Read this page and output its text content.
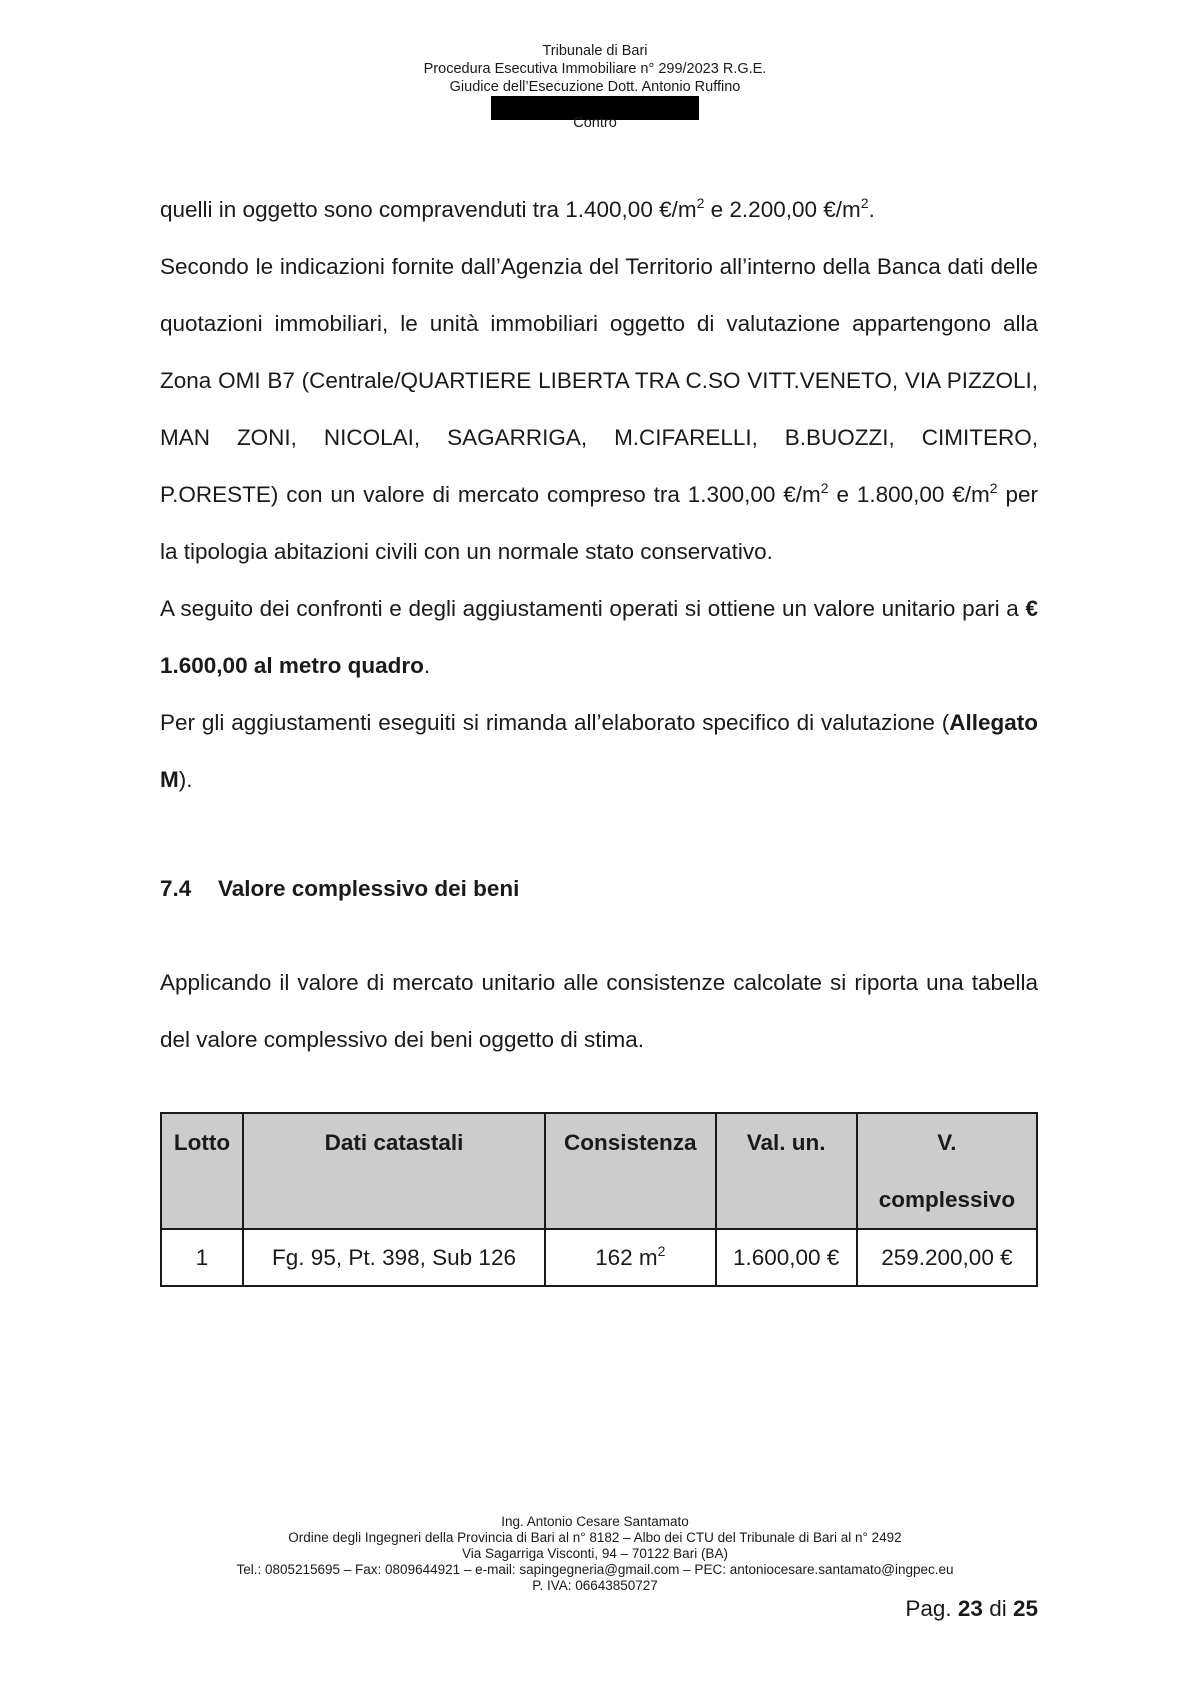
Tribunale di Bari
Procedura Esecutiva Immobiliare n° 299/2023 R.G.E.
Giudice dell’Esecuzione Dott. Antonio Ruffino
Contro

quelli in oggetto sono compravenduti tra 1.400,00 $€/m^2$ e 2.200,00 $€/m^2$.

Secondo le indicazioni fornite dall’Agenzia del Territorio all’interno della Banca dati delle quotazioni immobiliari, le unità immobiliari oggetto di valutazione appartengono alla Zona OMI B7 (Centrale/QUARTIERE LIBERTA TRA C.SO VITT.VENETO, VIA PIZZOLI, MAN ZONI, NICOLAI, SAGARRIGA, M.CIFARELLI, B.BUOZZI, CIMITERO, P.ORESTE) con un valore di mercato compreso tra 1.300,00 $€/m^2$ e 1.800,00 $€/m^2$ per la tipologia abitazioni civili con un normale stato conservativo.

A seguito dei confronti e degli aggiustamenti operati si ottiene un valore unitario pari a € 1.600,00 al metro quadro.

Per gli aggiustamenti eseguiti si rimanda all’elaborato specifico di valutazione (Allegato M).

7.4 Valore complessivo dei beni

Applicando il valore di mercato unitario alle consistenze calcolate si riporta una tabella del valore complessivo dei beni oggetto di stima.

Lotto	Dati catastali	Consistenza	Val. un.	V.
complessivo

1	Fg. 95, Pt. 398, Sub 126	162 $m^2$	1.600,00 €	259.200,00 €
Ing. Antonio Cesare Santamato
Ordine degli Ingegneri della Provincia di Bari al n° 8182 – Albo dei CTU del Tribunale di Bari al n° 2492
Via Sagarriga Visconti, 94 – 70122 Bari (BA)
Tel.: 0805215695 – Fax: 0809644921 – e-mail: sapingegneria@gmail.com – PEC: antoniocesare.santamato@ingpec.eu
P. IVA: 06643850727
Pag. 23 di 25
